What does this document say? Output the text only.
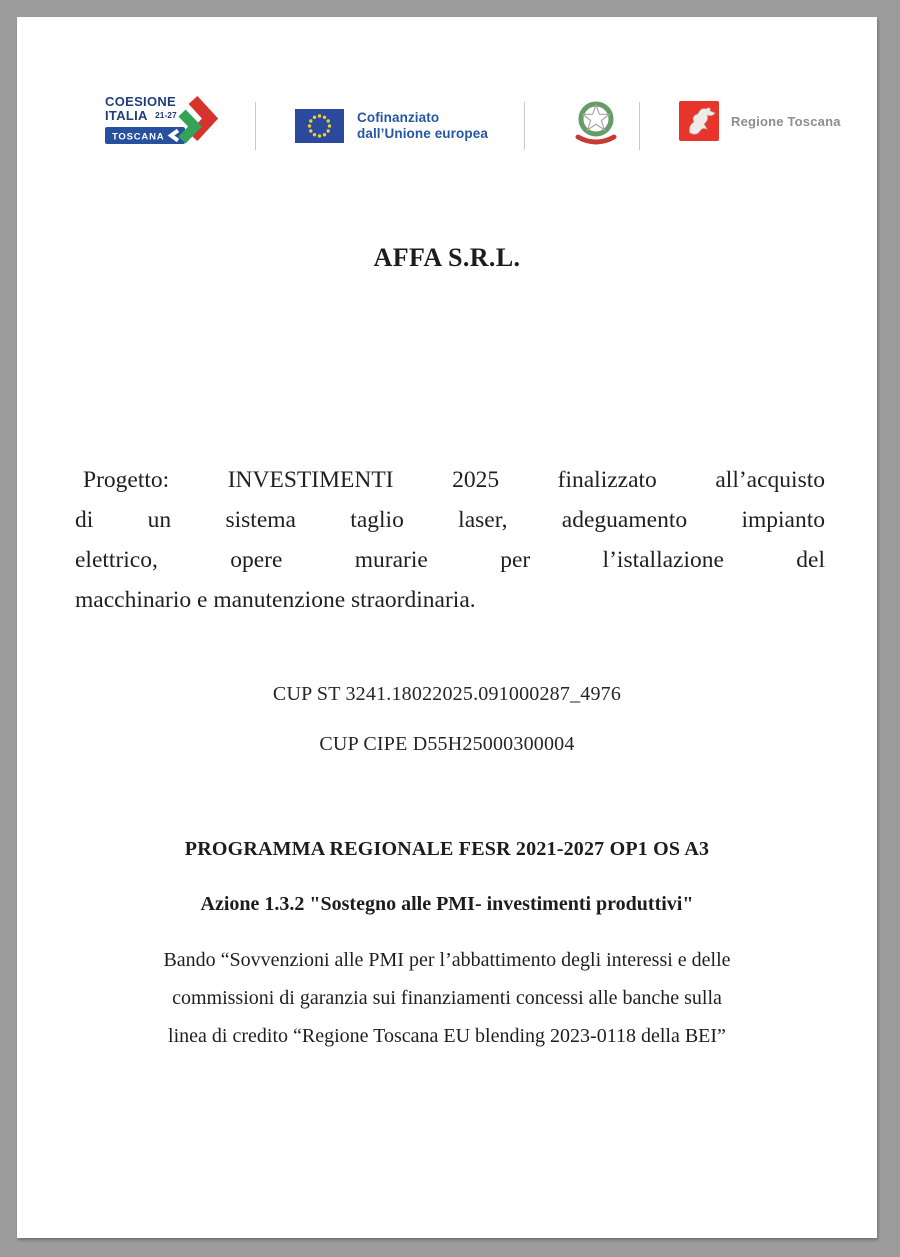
COESIONE
ITALIA 21-27
TOSCANA
Cofinanziato
dall’Unione europea
Regione Toscana
AFFA S.R.L.
Progetto: INVESTIMENTI 2025 finalizzato all’acquisto
di un sistema taglio laser, adeguamento impianto
elettrico, opere murarie per l’istallazione del
macchinario e manutenzione straordinaria.
CUP ST 3241.18022025.091000287_4976
CUP CIPE D55H25000300004
PROGRAMMA REGIONALE FESR 2021-2027 OP1 OS A3
Azione 1.3.2 "Sostegno alle PMI- investimenti produttivi"
Bando “Sovvenzioni alle PMI per l’abbattimento degli interessi e delle
commissioni di garanzia sui finanziamenti concessi alle banche sulla
linea di credito “Regione Toscana EU blending 2023-0118 della BEI”
